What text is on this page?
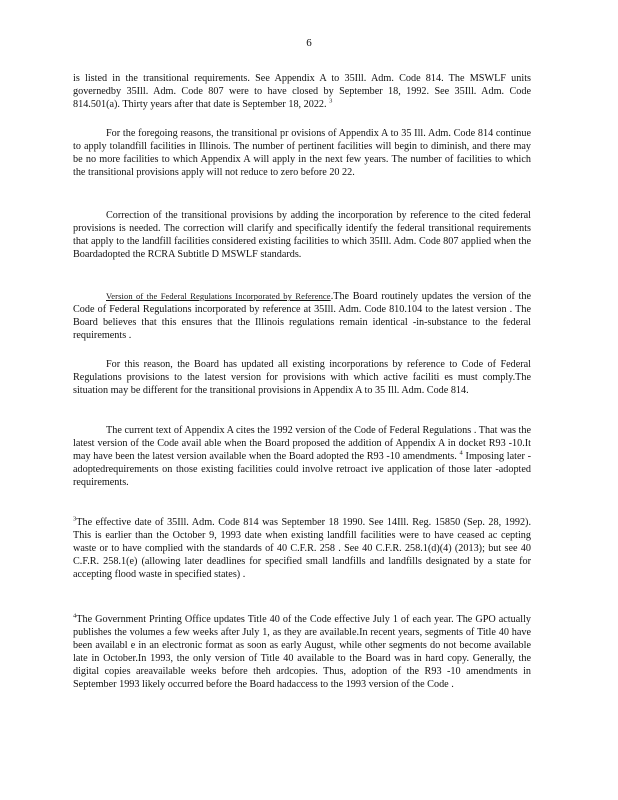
6
is listed in the transitional requirements. See Appendix A to 35Ill. Adm. Code 814. The MSWLF units governedby 35Ill. Adm. Code 807 were to have closed by September 18, 1992. See 35Ill. Adm. Code 814.501(a). Thirty years after that date is September 18, 2022. $^3$
For the foregoing reasons, the transitional pr ovisions of Appendix A to 35 Ill. Adm. Code 814 continue to apply tolandfill facilities in Illinois. The number of pertinent facilities will begin to diminish, and there may be no more facilities to which Appendix A will apply in the next few years. The number of facilities to which the transitional provisions apply will not reduce to zero before 20 22.
Correction of the transitional provisions by adding the incorporation by reference to the cited federal provisions is needed. The correction will clarify and specifically identify the federal transitional requirements that apply to the landfill facilities considered existing facilities to which 35Ill. Adm. Code 807 applied when the Boardadopted the RCRA Subtitle D MSWLF standards.
Version of the Federal Regulations Incorporated by Reference.The Board routinely updates the version of the Code of Federal Regulations incorporated by reference at 35Ill. Adm. Code 810.104 to the latest version . The Board believes that this ensures that the Illinois regulations remain identical -in-substance to the federal requirements .
For this reason, the Board has updated all existing incorporations by reference to Code of Federal Regulations provisions to the latest version for provisions with which active faciliti es must comply.The situation may be different for the transitional provisions in Appendix A to 35 Ill. Adm. Code 814.
The current text of Appendix A cites the 1992 version of the Code of Federal Regulations . That was the latest version of the Code avail able when the Board proposed the addition of Appendix A in docket R93 -10.It may have been the latest version available when the Board adopted the R93 -10 amendments. $^4$ Imposing later -adoptedrequirements on those existing facilities could involve retroact ive application of those later -adopted requirements.
$^3$The effective date of 35Ill. Adm. Code 814 was September 18 1990. See 14Ill. Reg. 15850 (Sep. 28, 1992). This is earlier than the October 9, 1993 date when existing landfill facilities were to have ceased ac cepting waste or to have complied with the standards of 40 C.F.R. 258 . See 40 C.F.R. 258.1(d)(4) (2013); but see 40 C.F.R. 258.1(e) (allowing later deadlines for specified small landfills and landfills designated by a state for accepting flood waste in specified states) .
$^4$The Government Printing Office updates Title 40 of the Code effective July 1 of each year. The GPO actually publishes the volumes a few weeks after July 1, as they are available.In recent years, segments of Title 40 have been availabl e in an electronic format as soon as early August, while other segments do not become available late in October.In 1993, the only version of Title 40 available to the Board was in hard copy. Generally, the digital copies areavailable weeks before theh ardcopies. Thus, adoption of the R93 -10 amendments in September 1993 likely occurred before the Board hadaccess to the 1993 version of the Code .
